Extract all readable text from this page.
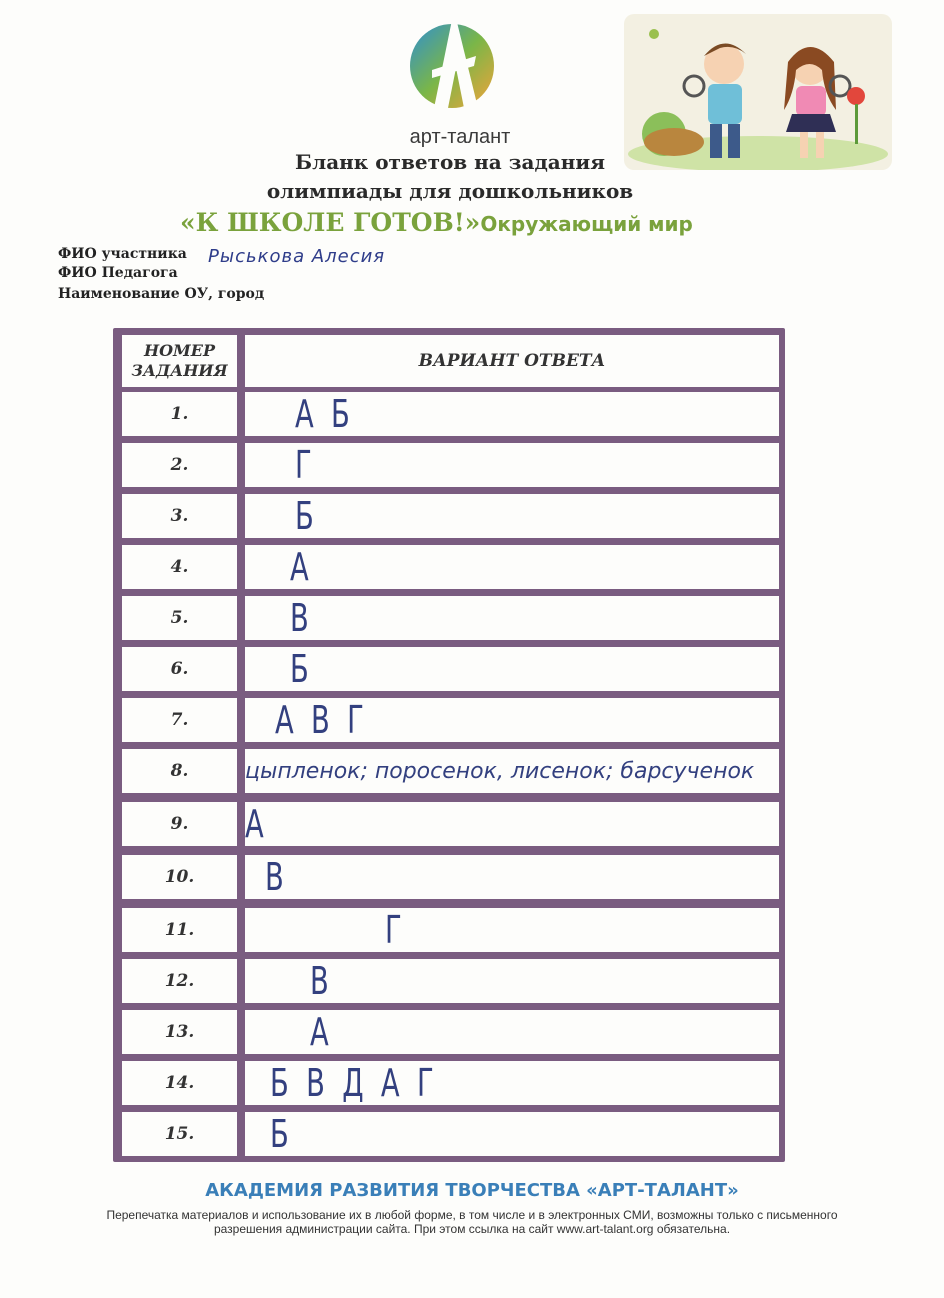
арт-талант
Бланк ответов на задания олимпиады для дошкольников
«К ШКОЛЕ ГОТОВ!»Окружающий мир
ФИО участника Рыськова Алесия
ФИО Педагога
Наименование ОУ, город
НОМЕР ЗАДАНИЯ	ВАРИАНТ ОТВЕТА
1.	А Б
2.	Г
3.	Б
4.	А
5.	В
6.	Б
7.	А В Г
8.	цыпленок; поросенок, лисенок; барсученок
9.	А
10.	В
11.	Г
12.	В
13.	А
14.	Б В Д А Г
15.	Б
АКАДЕМИЯ РАЗВИТИЯ ТВОРЧЕСТВА «АРТ-ТАЛАНТ»
Перепечатка материалов и использование их в любой форме, в том числе и в электронных СМИ, возможны только с письменного разрешения администрации сайта. При этом ссылка на сайт www.art-talant.org обязательна.
